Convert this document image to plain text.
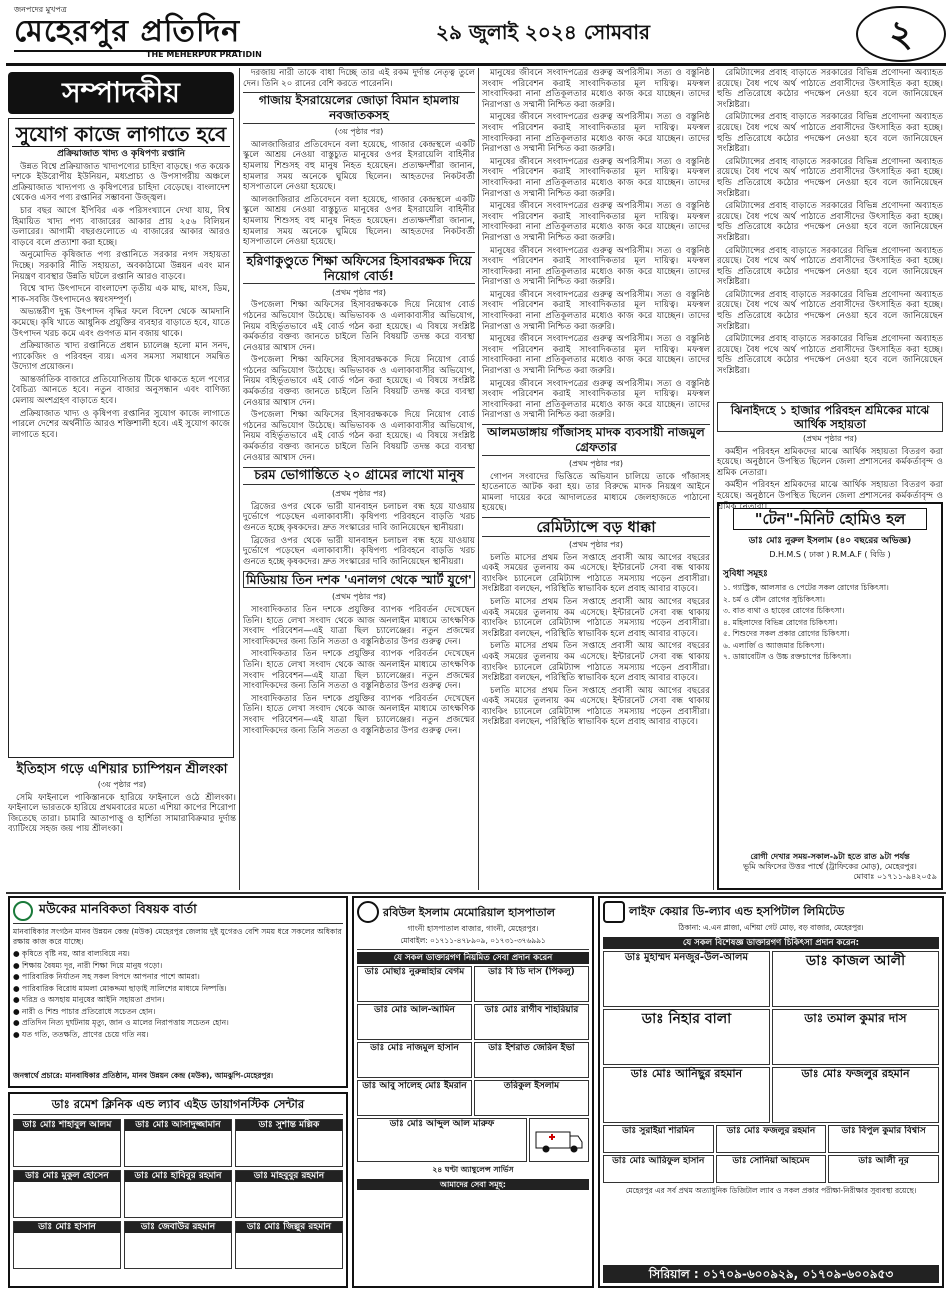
জনপদের মুখপত্র
মেহেরপুর প্রতিদিন
THE MEHERPUR PRATIDIN
২৯ জুলাই ২০২৪ সোমবার	২
সম্পাদকীয়
সুযোগ কাজে লাগাতে হবে
প্রক্রিয়াজাত খাদ্য ও কৃষিপণ্য রপ্তানি

উন্নত বিশ্বে প্রক্রিয়াজাত খাদ্যপণ্যের চাহিদা বাড়ছে। গত কয়েক দশকে ইউরোপীয় ইউনিয়ন, মধ্যপ্রাচ্য ও উপসাগরীয় অঞ্চলে প্রক্রিয়াজাত খাদ্যপণ্য ও কৃষিপণ্যের চাহিদা বেড়েছে। বাংলাদেশ থেকেও এসব পণ্য রপ্তানির সম্ভাবনা উজ্জ্বল।

চার বছর আগে ইপিবির এক পরিসংখ্যানে দেখা যায়, বিশ্ব হিমায়িত খাদ্য পণ্য বাজারের আকার প্রায় ২৫৬ বিলিয়ন ডলারের। আগামী বছরগুলোতে এ বাজারের আকার আরও বাড়বে বলে প্রত্যাশা করা হচ্ছে।

অনুমোদিত কৃষিজাত পণ্য রপ্তানিতে সরকার নগদ সহায়তা দিচ্ছে। সরকারি নীতি সহায়তা, অবকাঠামো উন্নয়ন এবং মান নিয়ন্ত্রণ ব্যবস্থার উন্নতি ঘটলে রপ্তানি আরও বাড়বে।

বিশ্বে খাদ্য উৎপাদনে বাংলাদেশ তৃতীয় এক মাছ, মাংস, ডিম, শাক-সবজি উৎপাদনেও স্বয়ংসম্পূর্ণ।

অভ্যন্তরীণ দুগ্ধ উৎপাদন বৃদ্ধির ফলে বিদেশ থেকে আমদানি কমেছে। কৃষি খাতে আধুনিক প্রযুক্তির ব্যবহার বাড়াতে হবে, যাতে উৎপাদন খরচ কমে এবং গুণগত মান বজায় থাকে।

প্রক্রিয়াজাত খাদ্য রপ্তানিতে প্রধান চ্যালেঞ্জ হলো মান সনদ, প্যাকেজিং ও পরিবহন ব্যয়। এসব সমস্যা সমাধানে সমন্বিত উদ্যোগ প্রয়োজন।

আন্তর্জাতিক বাজারে প্রতিযোগিতায় টিকে থাকতে হলে পণ্যের বৈচিত্র্য আনতে হবে। নতুন বাজার অনুসন্ধান এবং বাণিজ্য মেলায় অংশগ্রহণ বাড়াতে হবে।

প্রক্রিয়াজাত খাদ্য ও কৃষিপণ্য রপ্তানির সুযোগ কাজে লাগাতে পারলে দেশের অর্থনীতি আরও শক্তিশালী হবে। এই সুযোগ কাজে লাগাতে হবে।

ইতিহাস গড়ে এশিয়ার চ্যাম্পিয়ন শ্রীলংকা
(৩য় পৃষ্ঠার পর)

সেমি ফাইনালে পাকিস্তানকে হারিয়ে ফাইনালে ওঠে শ্রীলংকা। ফাইনালে ভারতকে হারিয়ে প্রথমবারের মতো এশিয়া কাপের শিরোপা জিতেছে তারা। চামারি আতাপাত্তু ও হার্শিতা সামারাবিক্রমার দুর্দান্ত ব্যাটিংয়ে সহজ জয় পায় শ্রীলংকা।

দরজায় নারী তাকে বাধা দিচ্ছে তার এই রকম দুর্দান্ত নেতৃত্ব তুলে দেন। তিনি ২০ রানের বেশি করতে পারেননি।

গাজায় ইসরায়েলের জোড়া বিমান হামলায় নবজাতকসহ
(৩য় পৃষ্ঠার পর)

আলজাজিরার প্রতিবেদনে বলা হয়েছে, গাজার কেন্দ্রস্থলে একটি স্কুলে আশ্রয় নেওয়া বাস্তুচ্যুত মানুষের ওপর ইসরায়েলি বাহিনীর হামলায় শিশুসহ বহু মানুষ নিহত হয়েছেন। প্রত্যক্ষদর্শীরা জানান, হামলার সময় অনেকে ঘুমিয়ে ছিলেন। আহতদের নিকটবর্তী হাসপাতালে নেওয়া হয়েছে।

আলজাজিরার প্রতিবেদনে বলা হয়েছে, গাজার কেন্দ্রস্থলে একটি স্কুলে আশ্রয় নেওয়া বাস্তুচ্যুত মানুষের ওপর ইসরায়েলি বাহিনীর হামলায় শিশুসহ বহু মানুষ নিহত হয়েছেন। প্রত্যক্ষদর্শীরা জানান, হামলার সময় অনেকে ঘুমিয়ে ছিলেন। আহতদের নিকটবর্তী হাসপাতালে নেওয়া হয়েছে।

হরিণাকুণ্ডুতে শিক্ষা অফিসের হিসাবরক্ষক দিয়ে নিয়োগ বোর্ড!
(প্রথম পৃষ্ঠার পর)

উপজেলা শিক্ষা অফিসের হিসাবরক্ষককে দিয়ে নিয়োগ বোর্ড গঠনের অভিযোগ উঠেছে। অভিভাবক ও এলাকাবাসীর অভিযোগ, নিয়ম বহির্ভূতভাবে এই বোর্ড গঠন করা হয়েছে। এ বিষয়ে সংশ্লিষ্ট কর্মকর্তার বক্তব্য জানতে চাইলে তিনি বিষয়টি তদন্ত করে ব্যবস্থা নেওয়ার আশ্বাস দেন।

উপজেলা শিক্ষা অফিসের হিসাবরক্ষককে দিয়ে নিয়োগ বোর্ড গঠনের অভিযোগ উঠেছে। অভিভাবক ও এলাকাবাসীর অভিযোগ, নিয়ম বহির্ভূতভাবে এই বোর্ড গঠন করা হয়েছে। এ বিষয়ে সংশ্লিষ্ট কর্মকর্তার বক্তব্য জানতে চাইলে তিনি বিষয়টি তদন্ত করে ব্যবস্থা নেওয়ার আশ্বাস দেন।

উপজেলা শিক্ষা অফিসের হিসাবরক্ষককে দিয়ে নিয়োগ বোর্ড গঠনের অভিযোগ উঠেছে। অভিভাবক ও এলাকাবাসীর অভিযোগ, নিয়ম বহির্ভূতভাবে এই বোর্ড গঠন করা হয়েছে। এ বিষয়ে সংশ্লিষ্ট কর্মকর্তার বক্তব্য জানতে চাইলে তিনি বিষয়টি তদন্ত করে ব্যবস্থা নেওয়ার আশ্বাস দেন।

চরম ভোগান্তিতে ২০ গ্রামের লাখো মানুষ
(প্রথম পৃষ্ঠার পর)

ব্রিজের ওপর থেকে ভারী যানবাহন চলাচল বন্ধ হয়ে যাওয়ায় দুর্ভোগে পড়েছেন এলাকাবাসী। কৃষিপণ্য পরিবহনে বাড়তি খরচ গুনতে হচ্ছে কৃষকদের। দ্রুত সংস্কারের দাবি জানিয়েছেন স্থানীয়রা।

ব্রিজের ওপর থেকে ভারী যানবাহন চলাচল বন্ধ হয়ে যাওয়ায় দুর্ভোগে পড়েছেন এলাকাবাসী। কৃষিপণ্য পরিবহনে বাড়তি খরচ গুনতে হচ্ছে কৃষকদের। দ্রুত সংস্কারের দাবি জানিয়েছেন স্থানীয়রা।

মিডিয়ায় তিন দশক 'এনালগ থেকে স্মার্ট যুগে'
(প্রথম পৃষ্ঠার পর)

সাংবাদিকতার তিন দশকে প্রযুক্তির ব্যাপক পরিবর্তন দেখেছেন তিনি। হাতে লেখা সংবাদ থেকে আজ অনলাইন মাধ্যমে তাৎক্ষণিক সংবাদ পরিবেশন—এই যাত্রা ছিল চ্যালেঞ্জের। নতুন প্রজন্মের সাংবাদিকদের জন্য তিনি সততা ও বস্তুনিষ্ঠতার উপর গুরুত্ব দেন।

সাংবাদিকতার তিন দশকে প্রযুক্তির ব্যাপক পরিবর্তন দেখেছেন তিনি। হাতে লেখা সংবাদ থেকে আজ অনলাইন মাধ্যমে তাৎক্ষণিক সংবাদ পরিবেশন—এই যাত্রা ছিল চ্যালেঞ্জের। নতুন প্রজন্মের সাংবাদিকদের জন্য তিনি সততা ও বস্তুনিষ্ঠতার উপর গুরুত্ব দেন।

সাংবাদিকতার তিন দশকে প্রযুক্তির ব্যাপক পরিবর্তন দেখেছেন তিনি। হাতে লেখা সংবাদ থেকে আজ অনলাইন মাধ্যমে তাৎক্ষণিক সংবাদ পরিবেশন—এই যাত্রা ছিল চ্যালেঞ্জের। নতুন প্রজন্মের সাংবাদিকদের জন্য তিনি সততা ও বস্তুনিষ্ঠতার উপর গুরুত্ব দেন।

মানুষের জীবনে সংবাদপত্রের গুরুত্ব অপরিসীম। সত্য ও বস্তুনিষ্ঠ সংবাদ পরিবেশন করাই সাংবাদিকতার মূল দায়িত্ব। মফস্বল সাংবাদিকরা নানা প্রতিকূলতার মধ্যেও কাজ করে যাচ্ছেন। তাদের নিরাপত্তা ও সম্মানী নিশ্চিত করা জরুরি।

মানুষের জীবনে সংবাদপত্রের গুরুত্ব অপরিসীম। সত্য ও বস্তুনিষ্ঠ সংবাদ পরিবেশন করাই সাংবাদিকতার মূল দায়িত্ব। মফস্বল সাংবাদিকরা নানা প্রতিকূলতার মধ্যেও কাজ করে যাচ্ছেন। তাদের নিরাপত্তা ও সম্মানী নিশ্চিত করা জরুরি।

মানুষের জীবনে সংবাদপত্রের গুরুত্ব অপরিসীম। সত্য ও বস্তুনিষ্ঠ সংবাদ পরিবেশন করাই সাংবাদিকতার মূল দায়িত্ব। মফস্বল সাংবাদিকরা নানা প্রতিকূলতার মধ্যেও কাজ করে যাচ্ছেন। তাদের নিরাপত্তা ও সম্মানী নিশ্চিত করা জরুরি।

মানুষের জীবনে সংবাদপত্রের গুরুত্ব অপরিসীম। সত্য ও বস্তুনিষ্ঠ সংবাদ পরিবেশন করাই সাংবাদিকতার মূল দায়িত্ব। মফস্বল সাংবাদিকরা নানা প্রতিকূলতার মধ্যেও কাজ করে যাচ্ছেন। তাদের নিরাপত্তা ও সম্মানী নিশ্চিত করা জরুরি।

মানুষের জীবনে সংবাদপত্রের গুরুত্ব অপরিসীম। সত্য ও বস্তুনিষ্ঠ সংবাদ পরিবেশন করাই সাংবাদিকতার মূল দায়িত্ব। মফস্বল সাংবাদিকরা নানা প্রতিকূলতার মধ্যেও কাজ করে যাচ্ছেন। তাদের নিরাপত্তা ও সম্মানী নিশ্চিত করা জরুরি।

মানুষের জীবনে সংবাদপত্রের গুরুত্ব অপরিসীম। সত্য ও বস্তুনিষ্ঠ সংবাদ পরিবেশন করাই সাংবাদিকতার মূল দায়িত্ব। মফস্বল সাংবাদিকরা নানা প্রতিকূলতার মধ্যেও কাজ করে যাচ্ছেন। তাদের নিরাপত্তা ও সম্মানী নিশ্চিত করা জরুরি।

মানুষের জীবনে সংবাদপত্রের গুরুত্ব অপরিসীম। সত্য ও বস্তুনিষ্ঠ সংবাদ পরিবেশন করাই সাংবাদিকতার মূল দায়িত্ব। মফস্বল সাংবাদিকরা নানা প্রতিকূলতার মধ্যেও কাজ করে যাচ্ছেন। তাদের নিরাপত্তা ও সম্মানী নিশ্চিত করা জরুরি।

মানুষের জীবনে সংবাদপত্রের গুরুত্ব অপরিসীম। সত্য ও বস্তুনিষ্ঠ সংবাদ পরিবেশন করাই সাংবাদিকতার মূল দায়িত্ব। মফস্বল সাংবাদিকরা নানা প্রতিকূলতার মধ্যেও কাজ করে যাচ্ছেন। তাদের নিরাপত্তা ও সম্মানী নিশ্চিত করা জরুরি।

আলমডাঙ্গায় গাঁজাসহ মাদক ব্যবসায়ী নাজমুল গ্রেফতার
(প্রথম পৃষ্ঠার পর)

গোপন সংবাদের ভিত্তিতে অভিযান চালিয়ে তাকে গাঁজাসহ হাতেনাতে আটক করা হয়। তার বিরুদ্ধে মাদক নিয়ন্ত্রণ আইনে মামলা দায়ের করে আদালতের মাধ্যমে জেলহাজতে পাঠানো হয়েছে।

রেমিট্যান্সে বড় ধাক্কা
(প্রথম পৃষ্ঠার পর)

চলতি মাসের প্রথম তিন সপ্তাহে প্রবাসী আয় আগের বছরের একই সময়ের তুলনায় কম এসেছে। ইন্টারনেট সেবা বন্ধ থাকায় ব্যাংকিং চ্যানেলে রেমিট্যান্স পাঠাতে সমস্যায় পড়েন প্রবাসীরা। সংশ্লিষ্টরা বলছেন, পরিস্থিতি স্বাভাবিক হলে প্রবাহ আবার বাড়বে।

চলতি মাসের প্রথম তিন সপ্তাহে প্রবাসী আয় আগের বছরের একই সময়ের তুলনায় কম এসেছে। ইন্টারনেট সেবা বন্ধ থাকায় ব্যাংকিং চ্যানেলে রেমিট্যান্স পাঠাতে সমস্যায় পড়েন প্রবাসীরা। সংশ্লিষ্টরা বলছেন, পরিস্থিতি স্বাভাবিক হলে প্রবাহ আবার বাড়বে।

চলতি মাসের প্রথম তিন সপ্তাহে প্রবাসী আয় আগের বছরের একই সময়ের তুলনায় কম এসেছে। ইন্টারনেট সেবা বন্ধ থাকায় ব্যাংকিং চ্যানেলে রেমিট্যান্স পাঠাতে সমস্যায় পড়েন প্রবাসীরা। সংশ্লিষ্টরা বলছেন, পরিস্থিতি স্বাভাবিক হলে প্রবাহ আবার বাড়বে।

চলতি মাসের প্রথম তিন সপ্তাহে প্রবাসী আয় আগের বছরের একই সময়ের তুলনায় কম এসেছে। ইন্টারনেট সেবা বন্ধ থাকায় ব্যাংকিং চ্যানেলে রেমিট্যান্স পাঠাতে সমস্যায় পড়েন প্রবাসীরা। সংশ্লিষ্টরা বলছেন, পরিস্থিতি স্বাভাবিক হলে প্রবাহ আবার বাড়বে।

রেমিট্যান্সের প্রবাহ বাড়াতে সরকারের বিভিন্ন প্রণোদনা অব্যাহত রয়েছে। বৈধ পথে অর্থ পাঠাতে প্রবাসীদের উৎসাহিত করা হচ্ছে। হুন্ডি প্রতিরোধে কঠোর পদক্ষেপ নেওয়া হবে বলে জানিয়েছেন সংশ্লিষ্টরা।

রেমিট্যান্সের প্রবাহ বাড়াতে সরকারের বিভিন্ন প্রণোদনা অব্যাহত রয়েছে। বৈধ পথে অর্থ পাঠাতে প্রবাসীদের উৎসাহিত করা হচ্ছে। হুন্ডি প্রতিরোধে কঠোর পদক্ষেপ নেওয়া হবে বলে জানিয়েছেন সংশ্লিষ্টরা।

রেমিট্যান্সের প্রবাহ বাড়াতে সরকারের বিভিন্ন প্রণোদনা অব্যাহত রয়েছে। বৈধ পথে অর্থ পাঠাতে প্রবাসীদের উৎসাহিত করা হচ্ছে। হুন্ডি প্রতিরোধে কঠোর পদক্ষেপ নেওয়া হবে বলে জানিয়েছেন সংশ্লিষ্টরা।

রেমিট্যান্সের প্রবাহ বাড়াতে সরকারের বিভিন্ন প্রণোদনা অব্যাহত রয়েছে। বৈধ পথে অর্থ পাঠাতে প্রবাসীদের উৎসাহিত করা হচ্ছে। হুন্ডি প্রতিরোধে কঠোর পদক্ষেপ নেওয়া হবে বলে জানিয়েছেন সংশ্লিষ্টরা।

রেমিট্যান্সের প্রবাহ বাড়াতে সরকারের বিভিন্ন প্রণোদনা অব্যাহত রয়েছে। বৈধ পথে অর্থ পাঠাতে প্রবাসীদের উৎসাহিত করা হচ্ছে। হুন্ডি প্রতিরোধে কঠোর পদক্ষেপ নেওয়া হবে বলে জানিয়েছেন সংশ্লিষ্টরা।

রেমিট্যান্সের প্রবাহ বাড়াতে সরকারের বিভিন্ন প্রণোদনা অব্যাহত রয়েছে। বৈধ পথে অর্থ পাঠাতে প্রবাসীদের উৎসাহিত করা হচ্ছে। হুন্ডি প্রতিরোধে কঠোর পদক্ষেপ নেওয়া হবে বলে জানিয়েছেন সংশ্লিষ্টরা।

রেমিট্যান্সের প্রবাহ বাড়াতে সরকারের বিভিন্ন প্রণোদনা অব্যাহত রয়েছে। বৈধ পথে অর্থ পাঠাতে প্রবাসীদের উৎসাহিত করা হচ্ছে। হুন্ডি প্রতিরোধে কঠোর পদক্ষেপ নেওয়া হবে বলে জানিয়েছেন সংশ্লিষ্টরা।

ঝিনাইদহে ১ হাজার পরিবহন শ্রমিকের মাঝে আর্থিক সহায়তা
(প্রথম পৃষ্ঠার পর)

কর্মহীন পরিবহন শ্রমিকদের মাঝে আর্থিক সহায়তা বিতরণ করা হয়েছে। অনুষ্ঠানে উপস্থিত ছিলেন জেলা প্রশাসনের কর্মকর্তাবৃন্দ ও শ্রমিক নেতারা।

কর্মহীন পরিবহন শ্রমিকদের মাঝে আর্থিক সহায়তা বিতরণ করা হয়েছে। অনুষ্ঠানে উপস্থিত ছিলেন জেলা প্রশাসনের কর্মকর্তাবৃন্দ ও শ্রমিক নেতারা।

"টেন"-মিনিট হোমিও হল
ডাঃ মোঃ নুরুল ইসলাম (৪০ বছরের অভিজ্ঞ)
D.H.M.S ( ঢাকা ) R.M.A.F ( বিডি )
সুবিধা সমূহঃ
১. গ্যাস্ট্রিক, আলসার ও পেটের সকল রোগের চিকিৎসা।
২. চর্ম ও যৌন রোগের সুচিকিৎসা।
৩. বাত ব্যথা ও হাড়ের রোগের চিকিৎসা।
৪. মহিলাদের বিভিন্ন রোগের চিকিৎসা।
৫. শিশুদের সকল প্রকার রোগের চিকিৎসা।
৬. এলার্জি ও অ্যাজমার চিকিৎসা।
৭. ডায়াবেটিস ও উচ্চ রক্তচাপের চিকিৎসা।
রোগী দেখার সময়-সকাল-৯টা হতে রাত ৯টা পর্যন্ত
ভূমি অফিসের উত্তর পার্শ্বে (ট্রাফিকের মোড়), মেহেরপুর।
মোবাঃ ০১৭১১-৯৪২০৫৯
মউকের মানবিকতা বিষয়ক বার্তা
মানবাধিকার সংগঠন মানব উন্নয়ন কেন্দ্র (মউক) মেহেরপুর জেলায় দুই যুগেরও বেশি সময় ধরে সকলের অধিকার রক্ষায় কাজ করে যাচ্ছে।
● কৃষিতে বৃষ্টি নয়, আর বাল্যবিয়ে নয়।
● শিক্ষায় বৈষম্য দূর, নারী শিক্ষা দিয়ে মানুষ গড়ো।
● পারিবারিক নির্যাতন সহ সকল বিপদে আপনার পাশে আমরা।
● পারিবারিক বিরোধ মামলা মোকদ্দমা ছাড়াই সালিশের মাধ্যমে নিষ্পত্তি।
● দরিদ্র ও অসহায় মানুষের আইনি সহায়তা প্রদান।
● নারী ও শিশু পাচার প্রতিরোধে সচেতন হোন।
● প্রতিদিন নিত্য দুর্ঘটনায় মৃত্যু, জান ও মালের নিরাপত্তায় সচেতন হোন।
● যত গতি, ততক্ষতি, প্রাণের চেয়ে গতি নয়।
জনস্বার্থে প্রচারে: মানবাধিকার প্রতিষ্ঠান, মানব উন্নয়ন কেন্দ্র (মউক), আমঝুপি-মেহেরপুর।
ডাঃ রমেশ ক্লিনিক এন্ড ল্যাব এইড ডায়াগনস্টিক সেন্টার
ডাঃ মোঃ শাহাবুল আলম	ডাঃ মোঃ আসাদুজ্জামান	ডাঃ সুশান্ত মল্লিক
ডাঃ মোঃ মুকুল হোসেন	ডাঃ মোঃ হাবিবুর রহমান	ডাঃ মাহবুবুর রহমান
ডাঃ মোঃ হাসান	ডাঃ জেবাউর রহমান	ডাঃ মোঃ জিল্লুর রহমান
রবিউল ইসলাম মেমোরিয়াল হাসপাতাল
গাংনী হাসপাতাল বাজার, গাংনী, মেহেরপুর।
মোবাইল: ০১৭১১-৪৭৮৯০৯, ০১৭৩১-৩৭৬৯৯১
যে সকল ডাক্তারগণ নিয়মিত সেবা প্রদান করেন
ডাঃ মোছাঃ নুরুন্নাহার বেগম	ডাঃ বি ডি দাস (পিকলু)
ডাঃ মোঃ আল-আমিন	ডাঃ মোঃ রাগীব শাহরিয়ার
ডাঃ মোঃ নাজমুল হাসান	ডাঃ ইশরাত জেরিন ইভা
ডাঃ আবু সালেহ মোঃ ইমরান	তরিকুল ইসলাম
ডাঃ মোঃ আব্দুল আল মারুফ
২৪ ঘণ্টা অ্যাম্বুলেন্স সার্ভিস
আমাদের সেবা সমূহ:
লাইফ কেয়ার ডি-ল্যাব এন্ড হসপিটাল লিমিটেড
ঠিকানা: এ.এন প্লাজা, এশিয়া গেট মোড়, বড় বাজার, মেহেরপুর।
যে সকল বিশেষজ্ঞ ডাক্তারগণ চিকিৎসা প্রদান করেন:
ডাঃ মুহাম্মদ মনজুর-উল-আলম	ডাঃ কাজল আলী
ডাঃ নিহার বালা	ডাঃ তমাল কুমার দাস
ডাঃ মোঃ আনিছুর রহমান	ডাঃ মোঃ ফজলুর রহমান
ডাঃ সুরাইয়া শারমিন	ডাঃ মোঃ ফজলুর রহমান	ডাঃ বিপুল কুমার বিশ্বাস
ডাঃ মোঃ আরিফুল হাসান	ডাঃ সোনিয়া আহমেদ	ডাঃ আলী নূর
মেহেরপুর এর সর্ব প্রথম অত্যাধুনিক ডিজিটাল ল্যাব ও সকল প্রকার পরীক্ষা-নিরীক্ষার সুব্যবস্থা রয়েছে।
সিরিয়াল : ০১৭০৯-৬০০৯২৯, ০১৭০৯-৬০০৯৫৩
